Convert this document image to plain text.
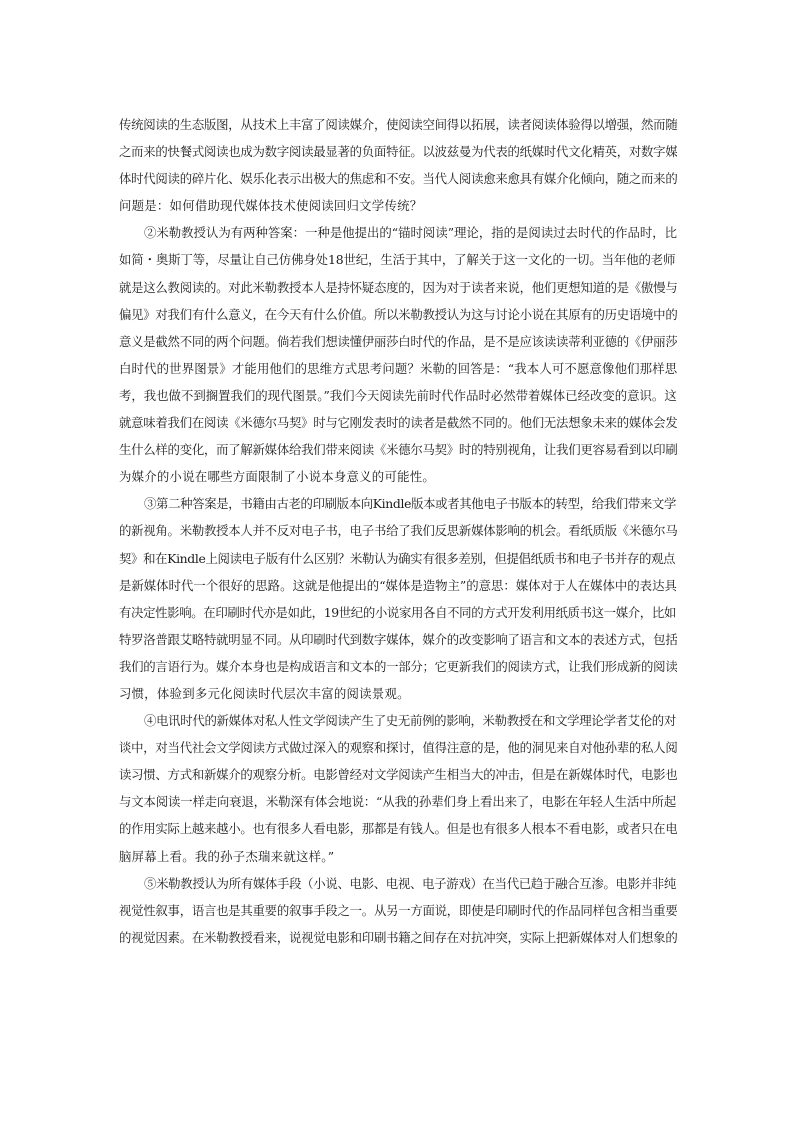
传统阅读的生态版图，从技术上丰富了阅读媒介，使阅读空间得以拓展，读者阅读体验得以增强，然而随
之而来的快餐式阅读也成为数字阅读最显著的负面特征。以波兹曼为代表的纸媒时代文化精英，对数字媒
体时代阅读的碎片化、娱乐化表示出极大的焦虑和不安。当代人阅读愈来愈具有媒介化倾向，随之而来的
问题是：如何借助现代媒体技术使阅读回归文学传统？
②米勒教授认为有两种答案：一种是他提出的“锚时阅读”理论，指的是阅读过去时代的作品时，比
如简・奥斯丁等，尽量让自己仿佛身处18世纪，生活于其中，了解关于这一文化的一切。当年他的老师
就是这么教阅读的。对此米勒教授本人是持怀疑态度的，因为对于读者来说，他们更想知道的是《傲慢与
偏见》对我们有什么意义，在今天有什么价值。所以米勒教授认为这与讨论小说在其原有的历史语境中的
意义是截然不同的两个问题。倘若我们想读懂伊丽莎白时代的作品，是不是应该读读蒂利亚德的《伊丽莎
白时代的世界图景》才能用他们的思维方式思考问题？米勒的回答是：“我本人可不愿意像他们那样思
考，我也做不到搁置我们的现代图景。”我们今天阅读先前时代作品时必然带着媒体已经改变的意识。这
就意味着我们在阅读《米德尔马契》时与它刚发表时的读者是截然不同的。他们无法想象未来的媒体会发
生什么样的变化，而了解新媒体给我们带来阅读《米德尔马契》时的特别视角，让我们更容易看到以印刷
为媒介的小说在哪些方面限制了小说本身意义的可能性。
③第二种答案是，书籍由古老的印刷版本向Kindle版本或者其他电子书版本的转型，给我们带来文学
的新视角。米勒教授本人并不反对电子书，电子书给了我们反思新媒体影响的机会。看纸质版《米德尔马
契》和在Kindle上阅读电子版有什么区别？米勒认为确实有很多差别，但提倡纸质书和电子书并存的观点
是新媒体时代一个很好的思路。这就是他提出的“媒体是造物主”的意思：媒体对于人在媒体中的表达具
有决定性影响。在印刷时代亦是如此，19世纪的小说家用各自不同的方式开发利用纸质书这一媒介，比如
特罗洛普跟艾略特就明显不同。从印刷时代到数字媒体，媒介的改变影响了语言和文本的表述方式，包括
我们的言语行为。媒介本身也是构成语言和文本的一部分；它更新我们的阅读方式，让我们形成新的阅读
习惯，体验到多元化阅读时代层次丰富的阅读景观。
④电讯时代的新媒体对私人性文学阅读产生了史无前例的影响，米勒教授在和文学理论学者艾伦的对
谈中，对当代社会文学阅读方式做过深入的观察和探讨，值得注意的是，他的洞见来自对他孙辈的私人阅
读习惯、方式和新媒介的观察分析。电影曾经对文学阅读产生相当大的冲击，但是在新媒体时代，电影也
与文本阅读一样走向衰退，米勒深有体会地说：“从我的孙辈们身上看出来了，电影在年轻人生活中所起
的作用实际上越来越小。也有很多人看电影，那都是有钱人。但是也有很多人根本不看电影，或者只在电
脑屏幕上看。我的孙子杰瑞来就这样。”
⑤米勒教授认为所有媒体手段（小说、电影、电视、电子游戏）在当代已趋于融合互渗。电影并非纯
视觉性叙事，语言也是其重要的叙事手段之一。从另一方面说，即使是印刷时代的作品同样包含相当重要
的视觉因素。在米勒教授看来，说视觉电影和印刷书籍之间存在对抗冲突，实际上把新媒体对人们想象的
